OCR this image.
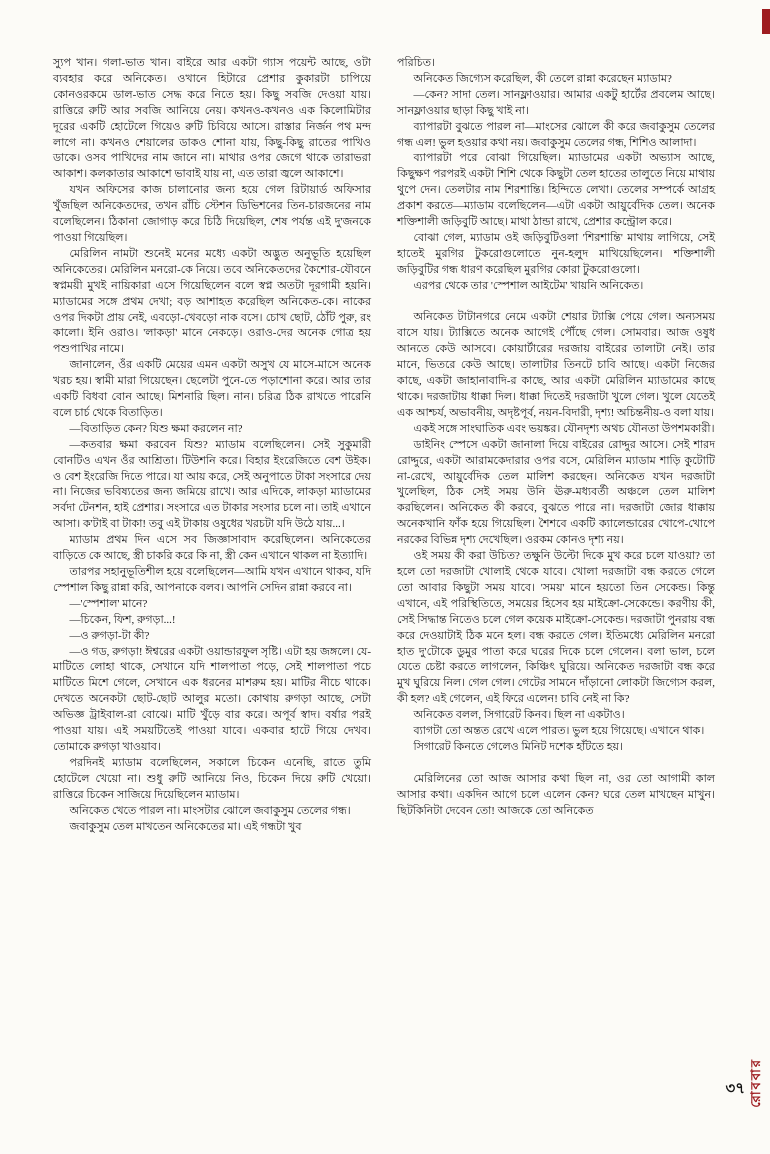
স্যুপ খান। গলা-ভাত খান। বাইরে আর একটা গ্যাস পয়েন্ট আছে, ওটা ব্যবহার করে অনিকেত। ওখানে হিটারে প্রেশার কুকারটা চাপিয়ে কোনওরকমে ডাল-ভাত সেদ্ধ করে নিতে হয়। কিছু সবজি দেওয়া যায়। রাত্তিরে রুটি আর সবজি আনিয়ে নেয়। কখনও-কখনও এক কিলোমিটার দূরের একটি হোটেলে গিয়েও রুটি চিবিয়ে আসে। রাস্তার নির্জন পথ মন্দ লাগে না। কখনও শেয়ালের ডাকও শোনা যায়, কিছু-কিছু রাতের পাখিও ডাকে। ওসব পাখিদের নাম জানে না। মাথার ওপর জেগে থাকে তারাভরা আকাশ। কলকাতার আকাশে ভাবাই যায় না, এত তারা জ্বলে আকাশে।

যখন অফিসের কাজ চালানোর জন্য হয়ে গেল রিটায়ার্ড অফিসার খুঁজছিল অনিকেতদের, তখন রাঁচি স্টেশন ডিভিশনের তিন-চারজনের নাম বলেছিলেন। ঠিকানা জোগাড় করে চিঠি দিয়েছিল, শেষ পর্যন্ত এই দু'জনকে পাওয়া গিয়েছিল।

মেরিলিন নামটা শুনেই মনের মধ্যে একটা অদ্ভুত অনুভূতি হয়েছিল অনিকেতের। মেরিলিন মনরো-কে নিয়ে। তবে অনিকেতদের কৈশোর-যৌবনে স্বপ্নময়ী মুখই নায়িকারা এসে গিয়েছিলেন বলে স্বপ্ন অতটা দূরগামী হয়নি। ম্যাডামের সঙ্গে প্রথম দেখা; বড় আশাহত করেছিল অনিকেত-কে। নাকের ওপর দিকটা প্রায় নেই, এবড়ো-খেবড়ো নাক বসে। চোখ ছোট, ঠোঁট পুরু, রং কালো। ইনি ওরাও। 'লাকড়া' মানে নেকড়ে। ওরাও-দের অনেক গোত্র হয় পশুপাখির নামে।

জানালেন, ওঁর একটি মেয়ের এমন একটা অসুখ যে মাসে-মাসে অনেক খরচ হয়। স্বামী মারা গিয়েছেন। ছেলেটা পুনে-তে পড়াশোনা করে। আর তার একটি বিধবা বোন আছে। মিশনারি ছিল। নান। চরিত্র ঠিক রাখতে পারেনি বলে চার্চ থেকে বিতাড়িত।

—বিতাড়িত কেন? যিশু ক্ষমা করলেন না?

—কতবার ক্ষমা করবেন যিশু? ম্যাডাম বলেছিলেন। সেই সুকুমারী বোনটিও এখন ওঁর আশ্রিতা। টিউশনি করে। বিহার ইংরেজিতে বেশ উইক। ও বেশ ইংরেজি দিতে পারে। যা আয় করে, সেই অনুপাতে টাকা সংসারে দেয় না। নিজের ভবিষ্যতের জন্য জমিয়ে রাখে। আর এদিকে, লাকড়া ম্যাডামের সর্বদা টেনশন, হাই প্রেশার। সংসারে এত টাকার সংসার চলে না। তাই এখানে আসা। ক'টাই বা টাকা! তবু এই টাকায় ওষুধের খরচটা যদি উঠে যায়...।

ম্যাডাম প্রথম দিন এসে সব জিজ্ঞাসাবাদ করেছিলেন। অনিকেতের বাড়িতে কে আছে, স্ত্রী চাকরি করে কি না, স্ত্রী কেন এখানে থাকল না ইত্যাদি।

তারপর সহানুভূতিশীল হয়ে বলেছিলেন—আমি যখন এখানে থাকব, যদি স্পেশাল কিছু রান্না করি, আপনাকে বলব। আপনি সেদিন রান্না করবে না।

—'স্পেশাল' মানে?

—চিকেন, ফিশ, রুগড়া...!

—ও রুগড়া-টা কী?

—ও গড, রুগড়া! ঈশ্বরের একটা ওয়ান্ডারফুল সৃষ্টি। এটা হয় জঙ্গলে। যে-মাটিতে লোহা থাকে, সেখানে যদি শালপাতা পড়ে, সেই শালপাতা পচে মাটিতে মিশে গেলে, সেখানে এক ধরনের মাশরুম হয়। মাটির নীচে থাকে। দেখতে অনেকটা ছোট-ছোট আলুর মতো। কোথায় রুগড়া আছে, সেটা অভিজ্ঞ ট্রাইবাল-রা বোঝে। মাটি খুঁড়ে বার করে। অপূর্ব স্বাদ। বর্ষার পরই পাওয়া যায়। এই সময়টিতেই পাওয়া যাবে। একবার হাটে গিয়ে দেখব। তোমাকে রুগড়া খাওয়াব।

পরদিনই ম্যাডাম বলেছিলেন, সকালে চিকেন এনেছি, রাতে তুমি হোটেলে খেয়ো না। শুধু রুটি আনিয়ে নিও, চিকেন দিয়ে রুটি খেয়ো। রাত্তিরে চিকেন সাজিয়ে দিয়েছিলেন ম্যাডাম।

অনিকেত খেতে পারল না। মাংসটার ঝোলে জবাকুসুম তেলের গন্ধ।

জবাকুসুম তেল মাখতেন অনিকেতের মা। এই গন্ধটা খুব

পরিচিত।

অনিকেত জিগ্যেস করেছিল, কী তেলে রান্না করেছেন ম্যাডাম?

—কেন? সাদা তেল। সানফ্লাওয়ার। আমার একটু হার্টের প্রবলেম আছে। সানফ্লাওয়ার ছাড়া কিছু খাই না।

ব্যাপারটা বুঝতে পারল না—মাংসের ঝোলে কী করে জবাকুসুম তেলের গন্ধ এল! ভুল হওয়ার কথা নয়। জবাকুসুম তেলের গন্ধ, শিশিও আলাদা।

ব্যাপারটা পরে বোঝা গিয়েছিল। ম্যাডামের একটা অভ্যাস আছে, কিছুক্ষণ পরপরই একটা শিশি থেকে কিছুটা তেল হাতের তালুতে নিয়ে মাথায় থুপে দেন। তেলটার নাম শিরশান্তি। হিন্দিতে লেখা। তেলের সম্পর্কে আগ্রহ প্রকাশ করতে—ম্যাডাম বলেছিলেন—এটা একটা আয়ুর্বেদিক তেল। অনেক শক্তিশালী জড়িবুটি আছে। মাথা ঠান্ডা রাখে, প্রেশার কন্ট্রোল করে।

বোঝা গেল, ম্যাডাম ওই জড়িবুটিওলা 'শিরশান্তি' মাথায় লাগিয়ে, সেই হাতেই মুরগির টুকরোগুলোতে নুন-হলুদ মাখিয়েছিলেন। শক্তিশালী জড়িবুটির গন্ধ ধারণ করেছিল মুরগির কোরা টুকরোগুলো।

এরপর থেকে তার 'স্পেশাল আইটেম' খায়নি অনিকেত।

অনিকেত টাটানগরে নেমে একটা শেয়ার ট্যাক্সি পেয়ে গেল। অন্যসময় বাসে যায়। ট্যাক্সিতে অনেক আগেই পৌঁছে গেল। সোমবার। আজ ওষুধ আনতে কেউ আসবে। কোয়ার্টারের দরজায় বাইরের তালাটা নেই। তার মানে, ভিতরে কেউ আছে। তালাটার তিনটে চাবি আছে। একটা নিজের কাছে, একটা জাহানাবাদি-র কাছে, আর একটা মেরিলিন ম্যাডামের কাছে থাকে। দরজাটায় ধাক্কা দিল। ধাক্কা দিতেই দরজাটা খুলে গেল। খুলে যেতেই এক আশ্চর্য, অভাবনীয়, অদৃষ্টপূর্ব, নয়ন-বিদারী, দৃশ্য! অচিন্তনীয়-ও বলা যায়।

একই সঙ্গে সাংঘাতিক এবং ভয়ঙ্কর। যৌনদৃশ্য অথচ যৌনতা উপশমকারী।

ডাইনিং স্পেসে একটা জানালা দিয়ে বাইরের রোদ্দুর আসে। সেই শারদ রোদ্দুরে, একটা আরামকেদারার ওপর বসে, মেরিলিন ম্যাডাম শাড়ি কুটোটি না-রেখে, আয়ুর্বেদিক তেল মালিশ করছেন। অনিকেত যখন দরজাটা খুলেছিল, ঠিক সেই সময় উনি ঊরু-মধ্যবর্তী অঞ্চলে তেল মালিশ করছিলেন। অনিকেত কী করবে, বুঝতে পারে না। দরজাটা জোর ধাক্কায় অনেকখানি ফাঁক হয়ে গিয়েছিল। শৈশবে একটি ক্যালেন্ডারের খোপে-খোপে নরকের বিভিন্ন দৃশ্য দেখেছিল। ওরকম কোনও দৃশ্য নয়।

ওই সময় কী করা উচিত? তক্ষুনি উল্টো দিকে মুখ করে চলে যাওয়া? তা হলে তো দরজাটা খোলাই থেকে যাবে। খোলা দরজাটা বন্ধ করতে গেলে তো আবার কিছুটা সময় যাবে। 'সময়' মানে হয়তো তিন সেকেন্ড। কিন্তু এখানে, এই পরিস্থিতিতে, সময়ের হিসেব হয় মাইক্রো-সেকেন্ডে। করণীয় কী, সেই সিদ্ধান্ত নিতেও চলে গেল কয়েক মাইক্রো-সেকেন্ড। দরজাটা পুনরায় বন্ধ করে দেওয়াটাই ঠিক মনে হল। বন্ধ করতে গেল। ইতিমধ্যে মেরিলিন মনরো হাত দু'টোকে ডুমুর পাতা করে ঘরের দিকে চলে গেলেন। বলা ভাল, চলে যেতে চেষ্টা করতে লাগলেন, কিঞ্চিৎ ঘুরিয়ে। অনিকেত দরজাটা বন্ধ করে মুখ ঘুরিয়ে নিল। গেল গেল। গেটের সামনে দাঁড়ানো লোকটা জিগ্যেস করল, কী হল? এই গেলেন, এই ফিরে এলেন! চাবি নেই না কি?

অনিকেত বলল, সিগারেট কিনব। ছিল না একটাও।

ব্যাগটা তো অন্তত রেখে এলে পারত। ভুল হয়ে গিয়েছে। এখানে থাক।

সিগারেট কিনতে গেলেও মিনিট দশেক হাঁটতে হয়।

মেরিলিনের তো আজ আসার কথা ছিল না, ওর তো আগামী কাল আসার কথা। একদিন আগে চলে এলেন কেন? ঘরে তেল মাখছেন মাখুন। ছিটকিনিটা দেবেন তো! আজকে তো অনিকেত

রোববার
৩৭
